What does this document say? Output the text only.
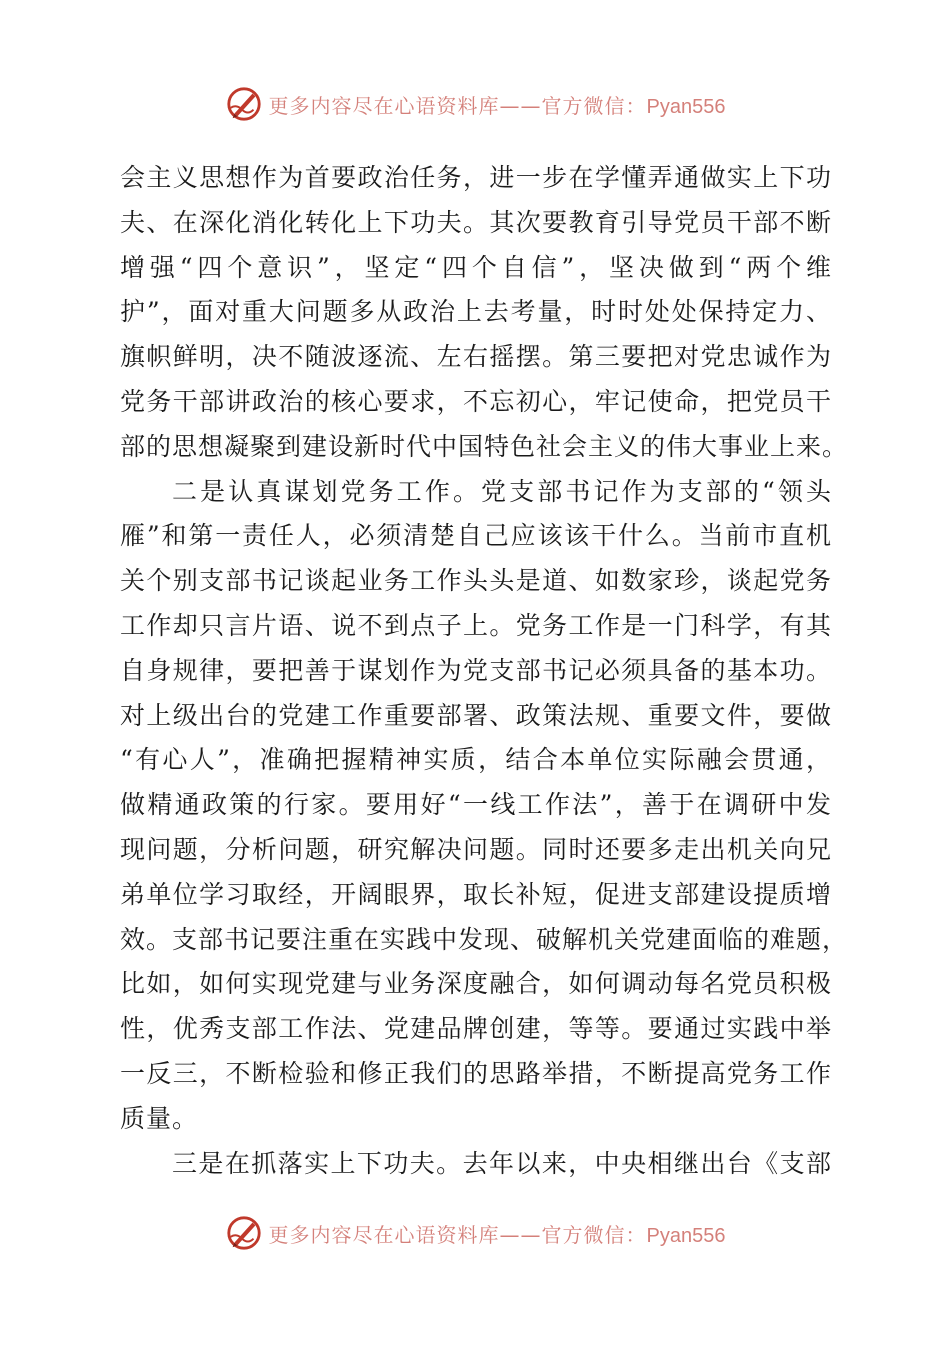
更多内容尽在心语资料库——官方微信：Pyan556
会主义思想作为首要政治任务，进一步在学懂弄通做实上下功
夫、在深化消化转化上下功夫。其次要教育引导党员干部不断
增强“四个意识”，坚定“四个自信”，坚决做到“两个维
护”，面对重大问题多从政治上去考量，时时处处保持定力、
旗帜鲜明，决不随波逐流、左右摇摆。第三要把对党忠诚作为
党务干部讲政治的核心要求，不忘初心，牢记使命，把党员干
部的思想凝聚到建设新时代中国特色社会主义的伟大事业上来。
二是认真谋划党务工作。党支部书记作为支部的“领头
雁”和第一责任人，必须清楚自己应该该干什么。当前市直机
关个别支部书记谈起业务工作头头是道、如数家珍，谈起党务
工作却只言片语、说不到点子上。党务工作是一门科学，有其
自身规律，要把善于谋划作为党支部书记必须具备的基本功。
对上级出台的党建工作重要部署、政策法规、重要文件，要做
“有心人”，准确把握精神实质，结合本单位实际融会贯通，
做精通政策的行家。要用好“一线工作法”，善于在调研中发
现问题，分析问题，研究解决问题。同时还要多走出机关向兄
弟单位学习取经，开阔眼界，取长补短，促进支部建设提质增
效。支部书记要注重在实践中发现、破解机关党建面临的难题，
比如，如何实现党建与业务深度融合，如何调动每名党员积极
性，优秀支部工作法、党建品牌创建，等等。要通过实践中举
一反三，不断检验和修正我们的思路举措，不断提高党务工作
质量。
三是在抓落实上下功夫。去年以来，中央相继出台《支部
更多内容尽在心语资料库——官方微信：Pyan556
